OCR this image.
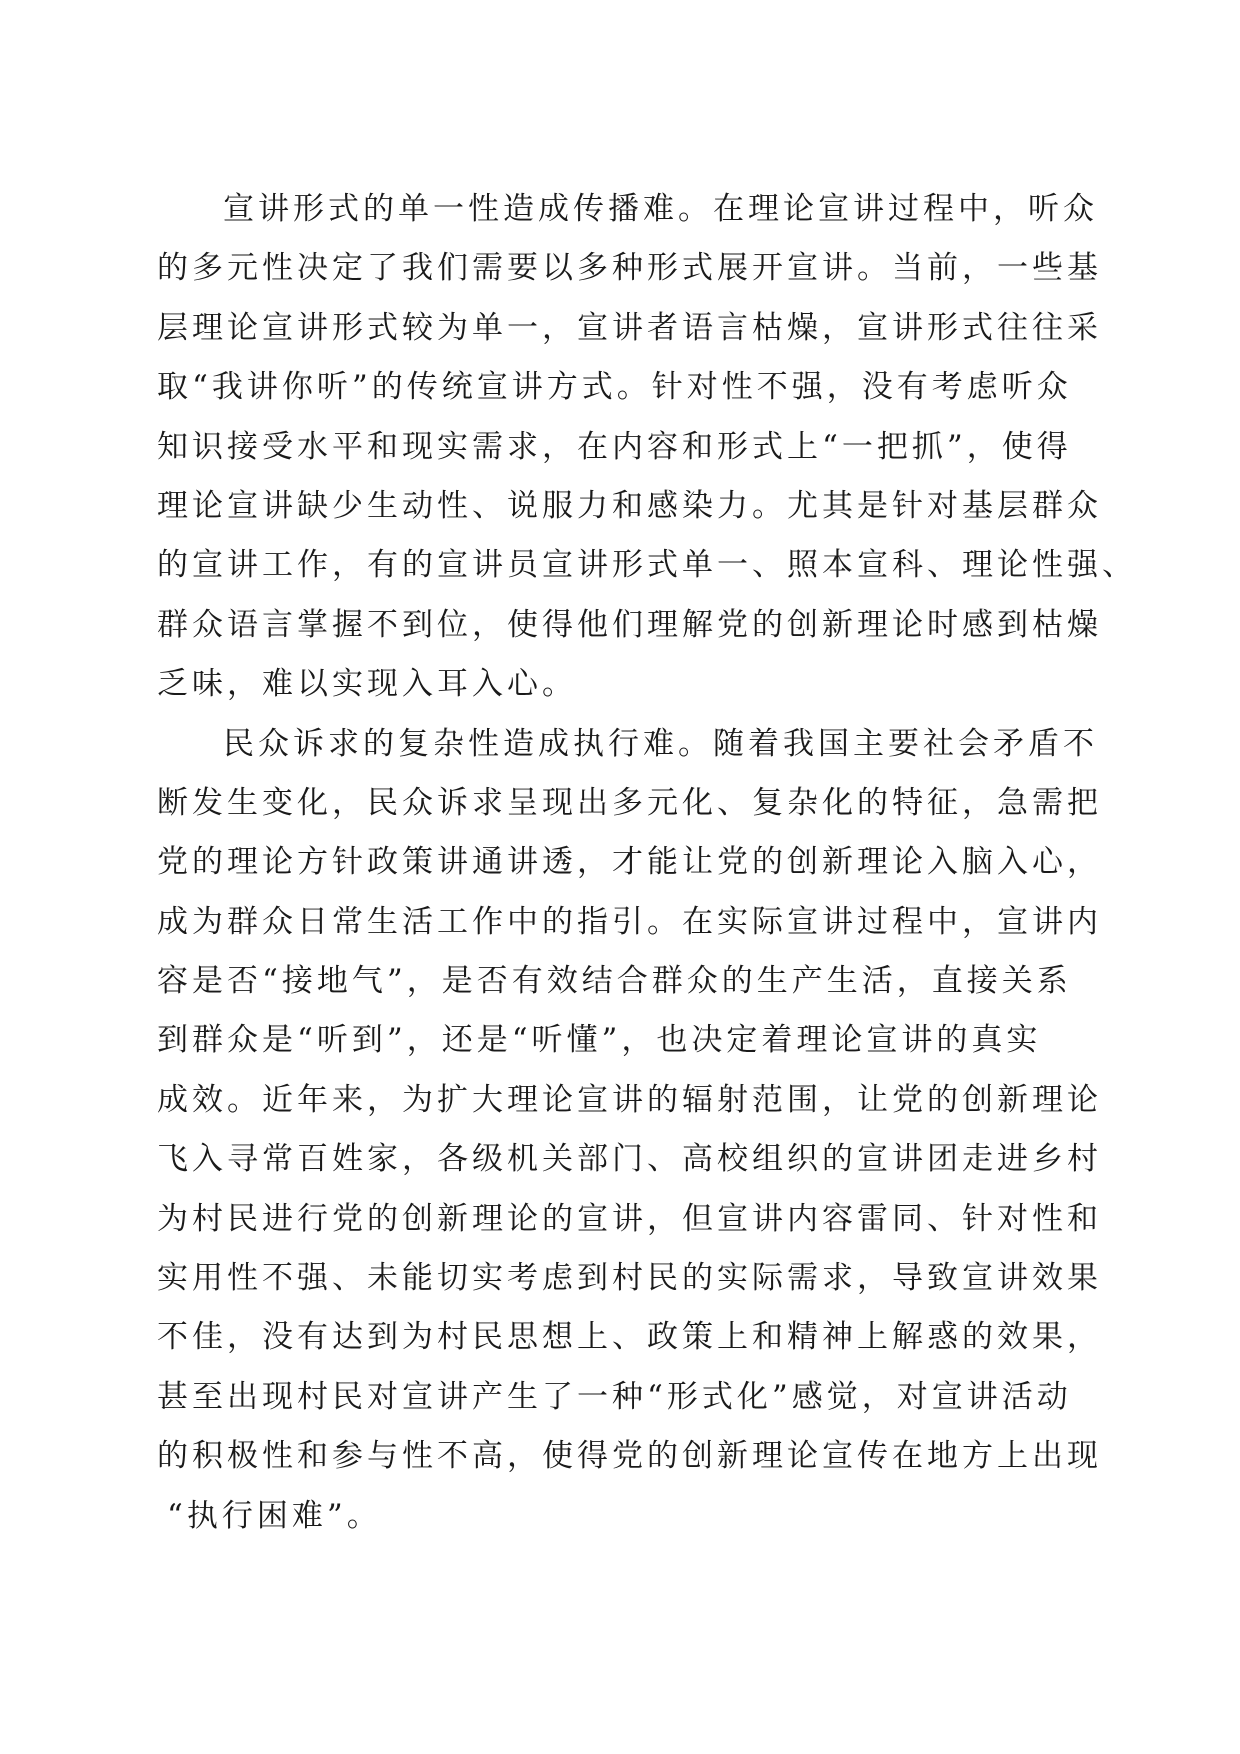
宣讲形式的单一性造成传播难。在理论宣讲过程中，听众
的多元性决定了我们需要以多种形式展开宣讲。当前，一些基
层理论宣讲形式较为单一，宣讲者语言枯燥，宣讲形式往往采
取“我讲你听”的传统宣讲方式。针对性不强，没有考虑听众
知识接受水平和现实需求，在内容和形式上“一把抓”，使得
理论宣讲缺少生动性、说服力和感染力。尤其是针对基层群众
的宣讲工作，有的宣讲员宣讲形式单一、照本宣科、理论性强、
群众语言掌握不到位，使得他们理解党的创新理论时感到枯燥
乏味，难以实现入耳入心。
民众诉求的复杂性造成执行难。随着我国主要社会矛盾不
断发生变化，民众诉求呈现出多元化、复杂化的特征，急需把
党的理论方针政策讲通讲透，才能让党的创新理论入脑入心，
成为群众日常生活工作中的指引。在实际宣讲过程中，宣讲内
容是否“接地气”，是否有效结合群众的生产生活，直接关系
到群众是“听到”，还是“听懂”，也决定着理论宣讲的真实
成效。近年来，为扩大理论宣讲的辐射范围，让党的创新理论
飞入寻常百姓家，各级机关部门、高校组织的宣讲团走进乡村
为村民进行党的创新理论的宣讲，但宣讲内容雷同、针对性和
实用性不强、未能切实考虑到村民的实际需求，导致宣讲效果
不佳，没有达到为村民思想上、政策上和精神上解惑的效果，
甚至出现村民对宣讲产生了一种“形式化”感觉，对宣讲活动
的积极性和参与性不高，使得党的创新理论宣传在地方上出现
“执行困难”。
